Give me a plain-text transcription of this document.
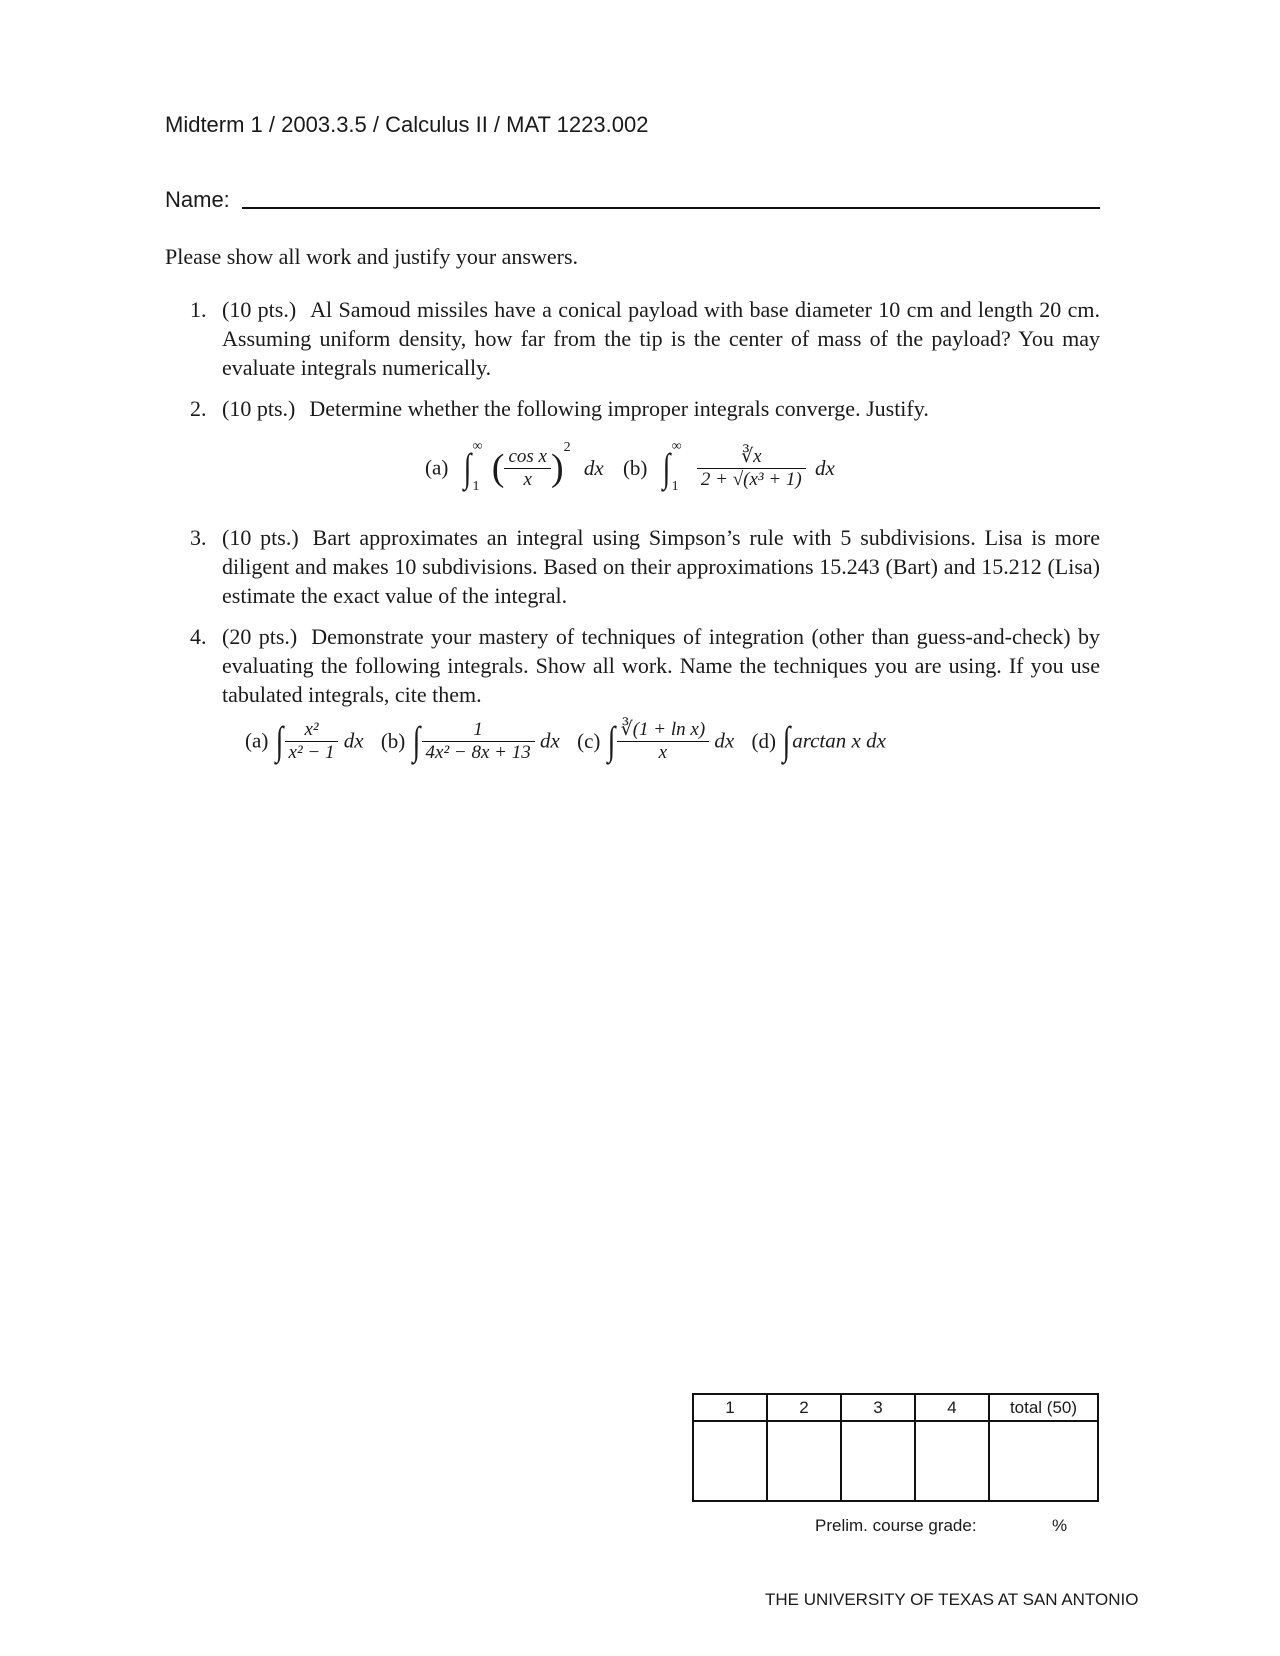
Midterm 1 / 2003.3.5 / Calculus II / MAT 1223.002
Name:
Please show all work and justify your answers.
1. (10 pts.) Al Samoud missiles have a conical payload with base diameter 10 cm and length 20 cm. Assuming uniform density, how far from the tip is the center of mass of the payload? You may evaluate integrals numerically.
2. (10 pts.) Determine whether the following improper integrals converge. Justify.
(a) ∫ ∞
1 ( $\frac{\text{cos x}}{x} )^2$ dx (b) ∫ ∞
1
$\frac{∛x}{\text{2 + √(x³ + 1)}}$ dx
3. (10 pts.) Bart approximates an integral using Simpson’s rule with 5 subdivisions. Lisa is more diligent and makes 10 subdivisions. Based on their approximations 15.243 (Bart) and 15.212 (Lisa) estimate the exact value of the integral.
4. (20 pts.) Demonstrate your mastery of techniques of integration (other than guess-and-check) by evaluating the following integrals. Show all work. Name the techniques you are using. If you use tabulated integrals, cite them.
(a) ∫ $\frac{\text{x²}}{\text{x² − 1}}$ dx (b) ∫ $\frac{1}{\text{4x² − 8x + 13}}$ dx (c) ∫ $\frac{\text{∛(1 + ln x)}}{x}$ dx (d) ∫arctan x dx
1	2	3	4	total (50)

Prelim. course grade:	%
THE UNIVERSITY OF TEXAS AT SAN ANTONIO
